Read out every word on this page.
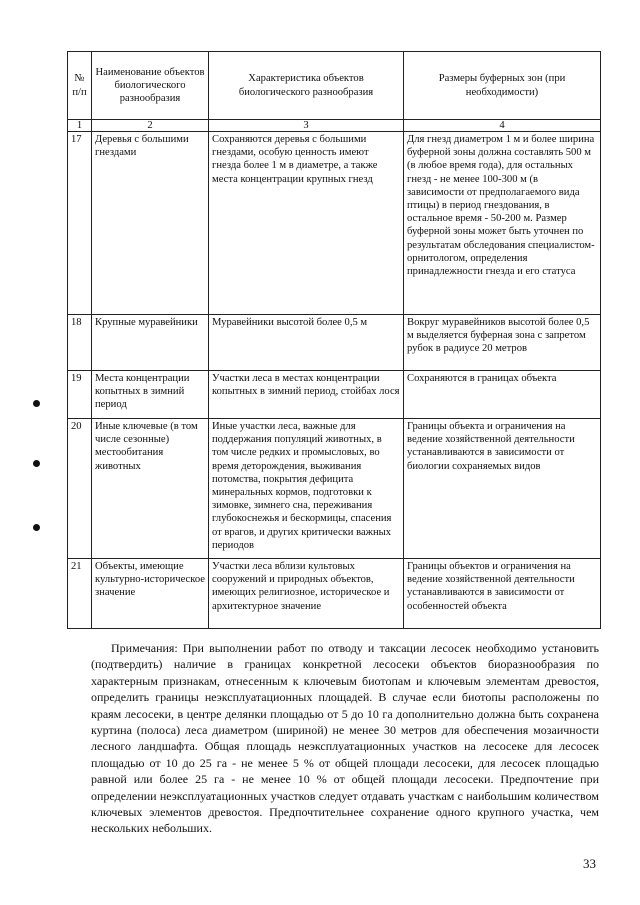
№ п/п	Наименование объектов биологического разнообразия	Характеристика объектов биологического разнообразия	Размеры буферных зон (при необходимости)
1	2	3	4
17	Деревья с большими гнездами	Сохраняются деревья с большими гнездами, особую ценность имеют гнезда более 1 м в диаметре, а также места концентрации крупных гнезд	Для гнезд диаметром 1 м и более ширина буферной зоны должна составлять 500 м (в любое время года), для остальных гнезд - не менее 100-300 м (в зависимости от предполагаемого вида птицы) в период гнездования, в остальное время - 50-200 м. Размер буферной зоны может быть уточнен по результатам обследования специалистом- орнитологом, определения принадлежности гнезда и его статуса
18	Крупные муравейники	Муравейники высотой более 0,5 м	Вокруг муравейников высотой более 0,5 м выделяется буферная зона с запретом рубок в радиусе 20 метров
19	Места концентрации копытных в зимний период	Участки леса в местах концентрации копытных в зимний период, стойбах лося	Сохраняются в границах объекта
20	Иные ключевые (в том числе сезонные) местообитания животных	Иные участки леса, важные для поддержания популяций животных, в том числе редких и промысловых, во время деторождения, выживания потомства, покрытия дефицита минеральных кормов, подготовки к зимовке, зимнего сна, переживания глубокоснежья и бескормицы, спасения от врагов, и других критически важных периодов	Границы объекта и ограничения на ведение хозяйственной деятельности устанавливаются в зависимости от биологии сохраняемых видов
21	Объекты, имеющие культурно-историческое значение	Участки леса вблизи культовых сооружений и природных объектов, имеющих религиозное, историческое и архитектурное значение	Границы объектов и ограничения на ведение хозяйственной деятельности устанавливаются в зависимости от особенностей объекта

Примечания: При выполнении работ по отводу и таксации лесосек необходимо установить (подтвердить) наличие в границах конкретной лесосеки объектов биоразнообразия по характерным признакам, отнесенным к ключевым биотопам и ключевым элементам древостоя, определить границы неэксплуатационных площадей. В случае если биотопы расположены по краям лесосеки, в центре делянки площадью от 5 до 10 га дополнительно должна быть сохранена куртина (полоса) леса диаметром (шириной) не менее 30 метров для обеспечения мозаичности лесного ландшафта. Общая площадь неэксплуатационных участков на лесосеке для лесосек площадью от 10 до 25 га - не менее 5 % от общей площади лесосеки, для лесосек площадью равной или более 25 га - не менее 10 % от общей площади лесосеки. Предпочтение при определении неэксплуатационных участков следует отдавать участкам с наибольшим количеством ключевых элементов древостоя. Предпочтительнее сохранение одного крупного участка, чем нескольких небольших.

33
